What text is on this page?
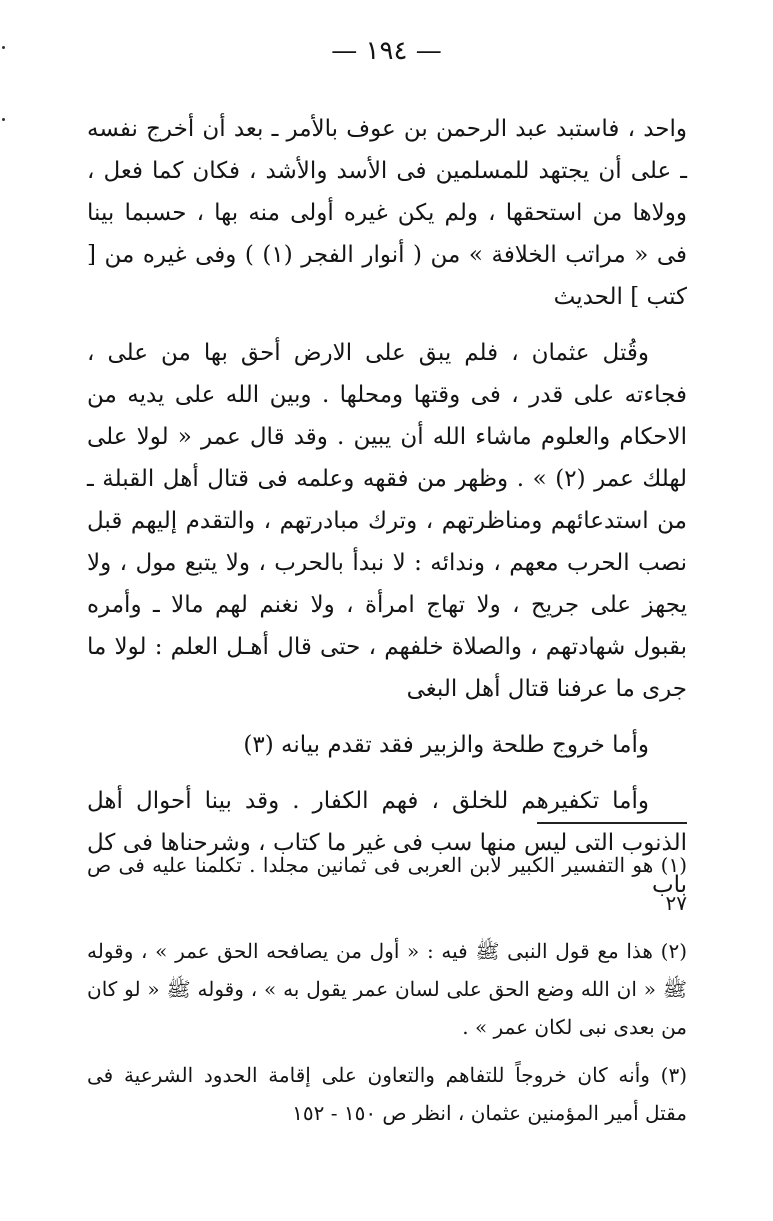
— ١٩٤ —

واحد ، فاستبد عبد الرحمن بن عوف بالأمر ـ بعد أن أخرج نفسه ـ على أن يجتهد للمسلمين فى الأسد والأشد ، فكان كما فعل ، وولاها من استحقها ، ولم يكن غيره أولى منه بها ، حسبما بينا فى « مراتب الخلافة » من ( أنوار الفجر (١) ) وفى غيره من [ كتب ] الحديث

وقُتل عثمان ، فلم يبق على الارض أحق بها من على ، فجاءته على قدر ، فى وقتها ومحلها . وبين الله على يديه من الاحكام والعلوم ماشاء الله أن يبين . وقد قال عمر « لولا على لهلك عمر (٢) » . وظهر من فقهه وعلمه فى قتال أهل القبلة ـ من استدعائهم ومناظرتهم ، وترك مبادرتهم ، والتقدم إليهم قبل نصب الحرب معهم ، وندائه : لا نبدأ بالحرب ، ولا يتبع مول ، ولا يجهز على جريح ، ولا تهاج امرأة ، ولا نغنم لهم مالا ـ وأمره بقبول شهادتهم ، والصلاة خلفهم ، حتى قال أهـل العلم : لولا ما جرى ما عرفنا قتال أهل البغى

وأما خروج طلحة والزبير فقد تقدم بيانه (٣)

وأما تكفيرهم للخلق ، فهم الكفار . وقد بينا أحوال أهل الذنوب التى ليس منها سب فى غير ما كتاب ، وشرحناها فى كل باب

(١) هو التفسير الكبير لابن العربى فى ثمانين مجلدا . تكلمنا عليه فى ص ٢٧

(٢) هذا مع قول النبى ﷺ فيه : « أول من يصافحه الحق عمر » ، وقوله ﷺ « ان الله وضع الحق على لسان عمر يقول به » ، وقوله ﷺ « لو كان من بعدى نبى لكان عمر » .

(٣) وأنه كان خروجاً للتفاهم والتعاون على إقامة الحدود الشرعية فى مقتل أمير المؤمنين عثمان ، انظر ص ١٥٠ - ١٥٢
